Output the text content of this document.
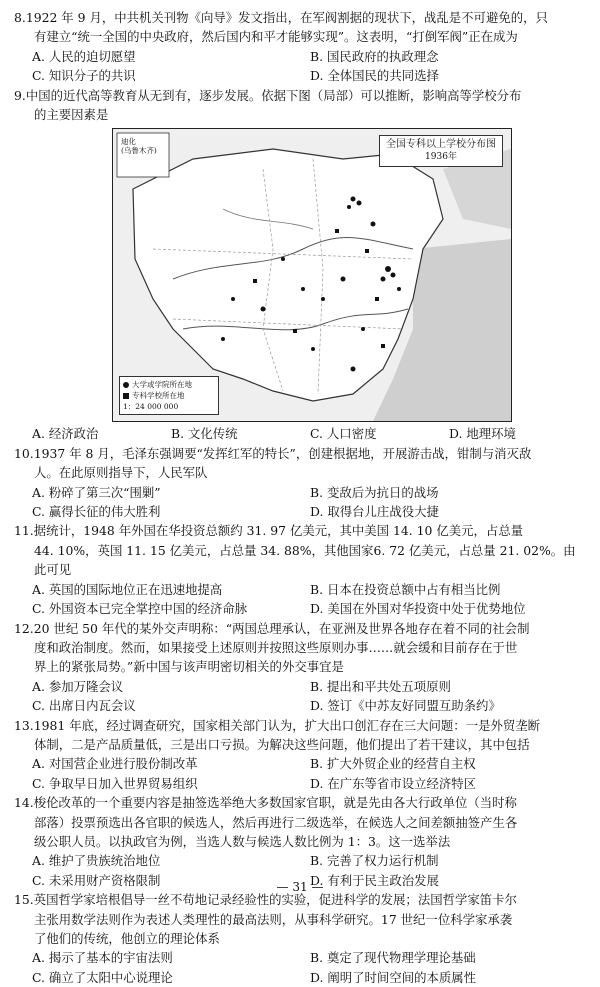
8.1922 年 9 月，中共机关刊物《向导》发文指出，在军阀割据的现状下，战乱是不可避免的，只
有建立“统一全国的中央政府，然后国内和平才能够实现”。这表明，“打倒军阀”正在成为
A. 人民的迫切愿望	B. 国民政府的执政理念
C. 知识分子的共识	D. 全体国民的共同选择
9.中国的近代高等教育从无到有，逐步发展。依据下图（局部）可以推断，影响高等学校分布
的主要因素是
迪化
(乌鲁木齐)
全国专科以上学校分布图
1936年
大学或学院所在地
专科学校所在地
1：24 000 000
A. 经济政治	B. 文化传统	C. 人口密度	D. 地理环境
10.1937 年 8 月，毛泽东强调要“发挥红军的特长”，创建根据地，开展游击战，钳制与消灭敌
人。在此原则指导下，人民军队
A. 粉碎了第三次“围剿”	B. 变敌后为抗日的战场
C. 赢得长征的伟大胜利	D. 取得台儿庄战役大捷
11.据统计，1948 年外国在华投资总额约 31. 97 亿美元，其中美国 14. 10 亿美元，占总量
44. 10%，英国 11. 15 亿美元，占总量 34. 88%，其他国家6. 72 亿美元，占总量 21. 02%。由
此可见
A. 英国的国际地位正在迅速地提高	B. 日本在投资总额中占有相当比例
C. 外国资本已完全掌控中国的经济命脉	D. 美国在外国对华投资中处于优势地位
12.20 世纪 50 年代的某外交声明称：“两国总理承认，在亚洲及世界各地存在着不同的社会制
度和政治制度。然而，如果接受上述原则并按照这些原则办事……就会缓和目前存在于世
界上的紧张局势。”新中国与该声明密切相关的外交事宜是
A. 参加万隆会议	B. 提出和平共处五项原则
C. 出席日内瓦会议	D. 签订《中苏友好同盟互助条约》
13.1981 年底，经过调查研究，国家相关部门认为，扩大出口创汇存在三大问题：一是外贸垄断
体制，二是产品质量低，三是出口亏损。为解决这些问题，他们提出了若干建议，其中包括
A. 对国营企业进行股份制改革	B. 扩大外贸企业的经营自主权
C. 争取早日加入世界贸易组织	D. 在广东等省市设立经济特区
14.梭伦改革的一个重要内容是抽签选举绝大多数国家官职，就是先由各大行政单位（当时称
部落）投票预选出各官职的候选人，然后再进行二级选举，在候选人之间差额抽签产生各
级公职人员。以执政官为例，当选人数与候选人数比例为 1：3。这一选举法
A. 维护了贵族统治地位	B. 完善了权力运行机制
C. 未采用财产资格限制	D. 有利于民主政治发展
15.英国哲学家培根倡导一丝不苟地记录经验性的实验，促进科学的发展；法国哲学家笛卡尔
主张用数学法则作为表述人类理性的最高法则，从事科学研究。17 世纪一位科学家承袭
了他们的传统，他创立的理论体系
A. 揭示了基本的宇宙法则	B. 奠定了现代物理学理论基础
C. 确立了太阳中心说理论	D. 阐明了时间空间的本质属性
— 31 —
